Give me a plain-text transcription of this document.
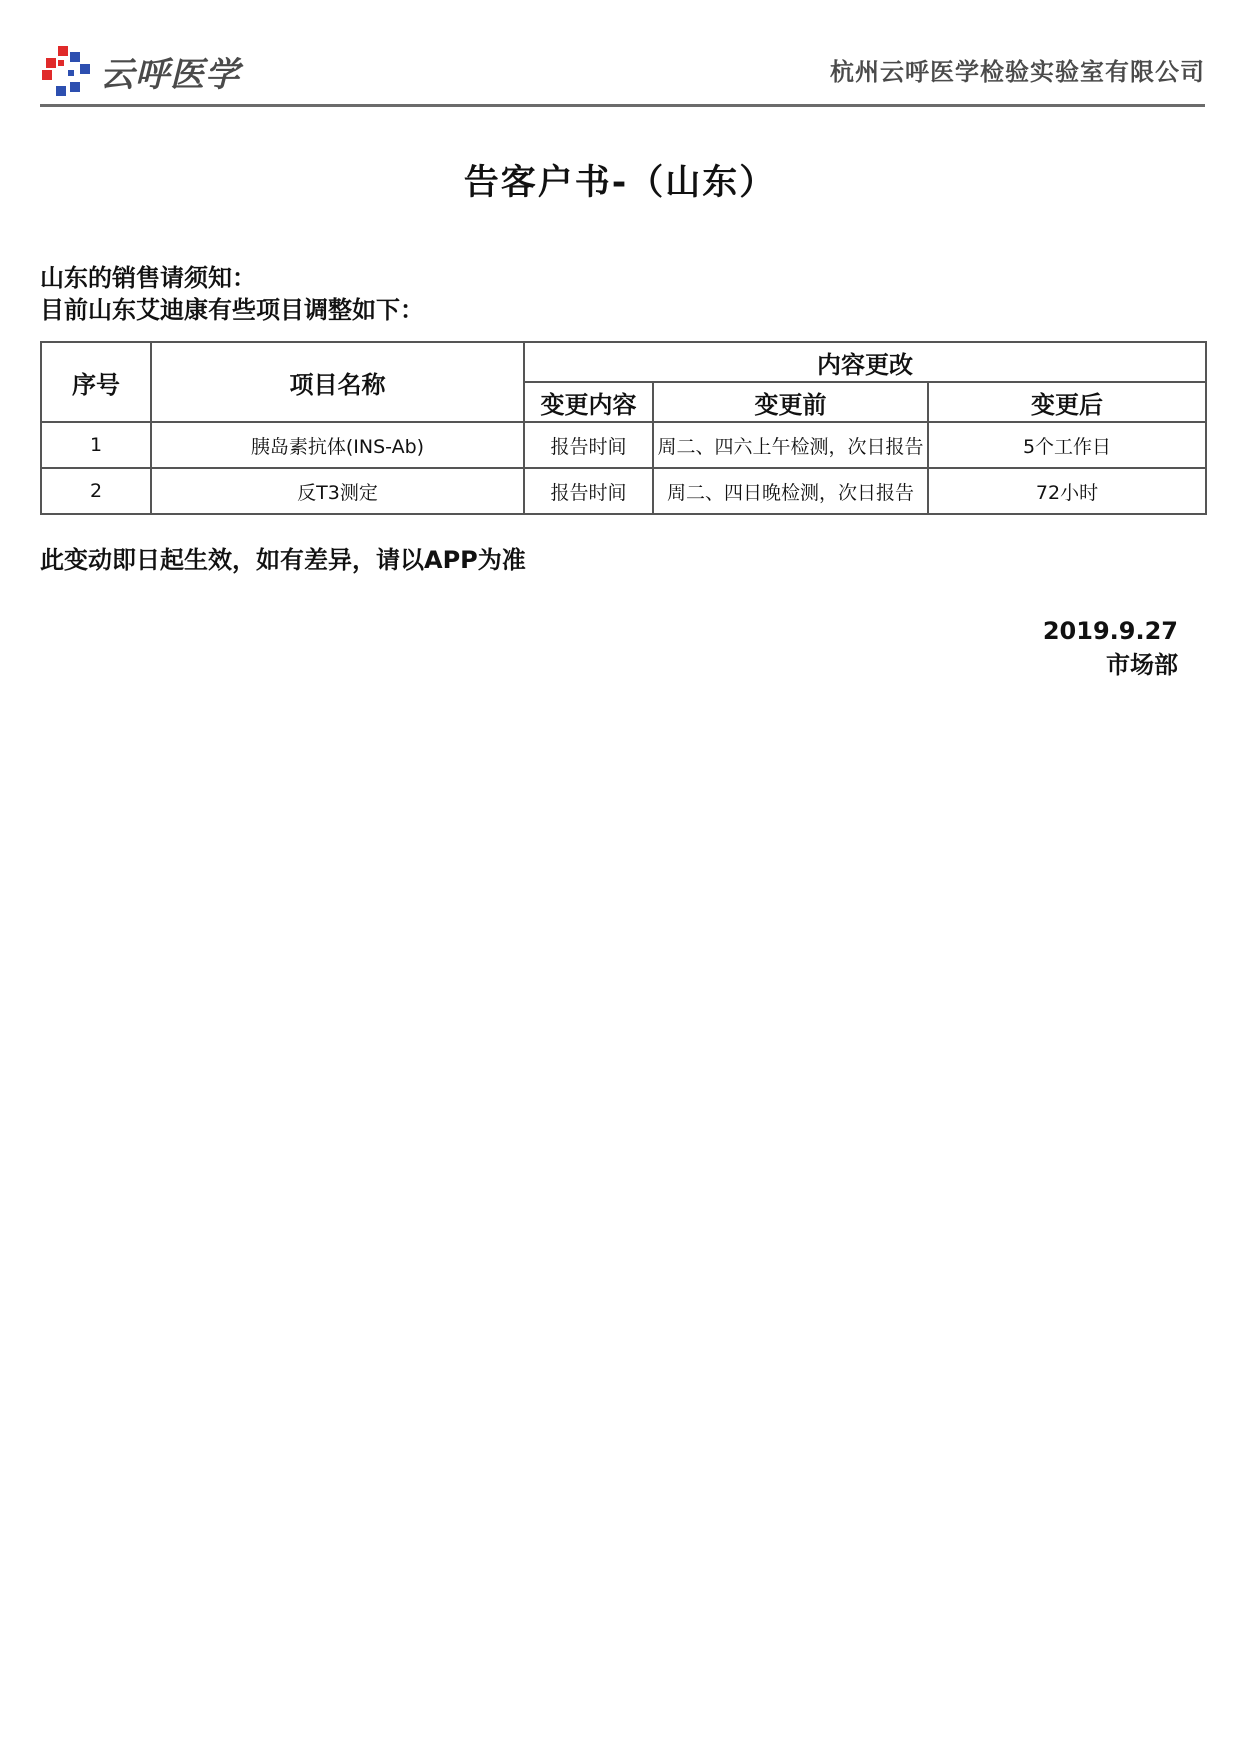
云呼医学	杭州云呼医学检验实验室有限公司
告客户书-（山东）
山东的销售请须知：
目前山东艾迪康有些项目调整如下：
序号	项目名称	内容更改		
		变更内容	变更前	变更后
1	胰岛素抗体(INS-Ab)	报告时间	周二、四六上午检测，次日报告	5个工作日
2	反T3测定	报告时间	周二、四日晚检测，次日报告	72小时
此变动即日起生效，如有差异，请以APP为准
2019.9.27
市场部
